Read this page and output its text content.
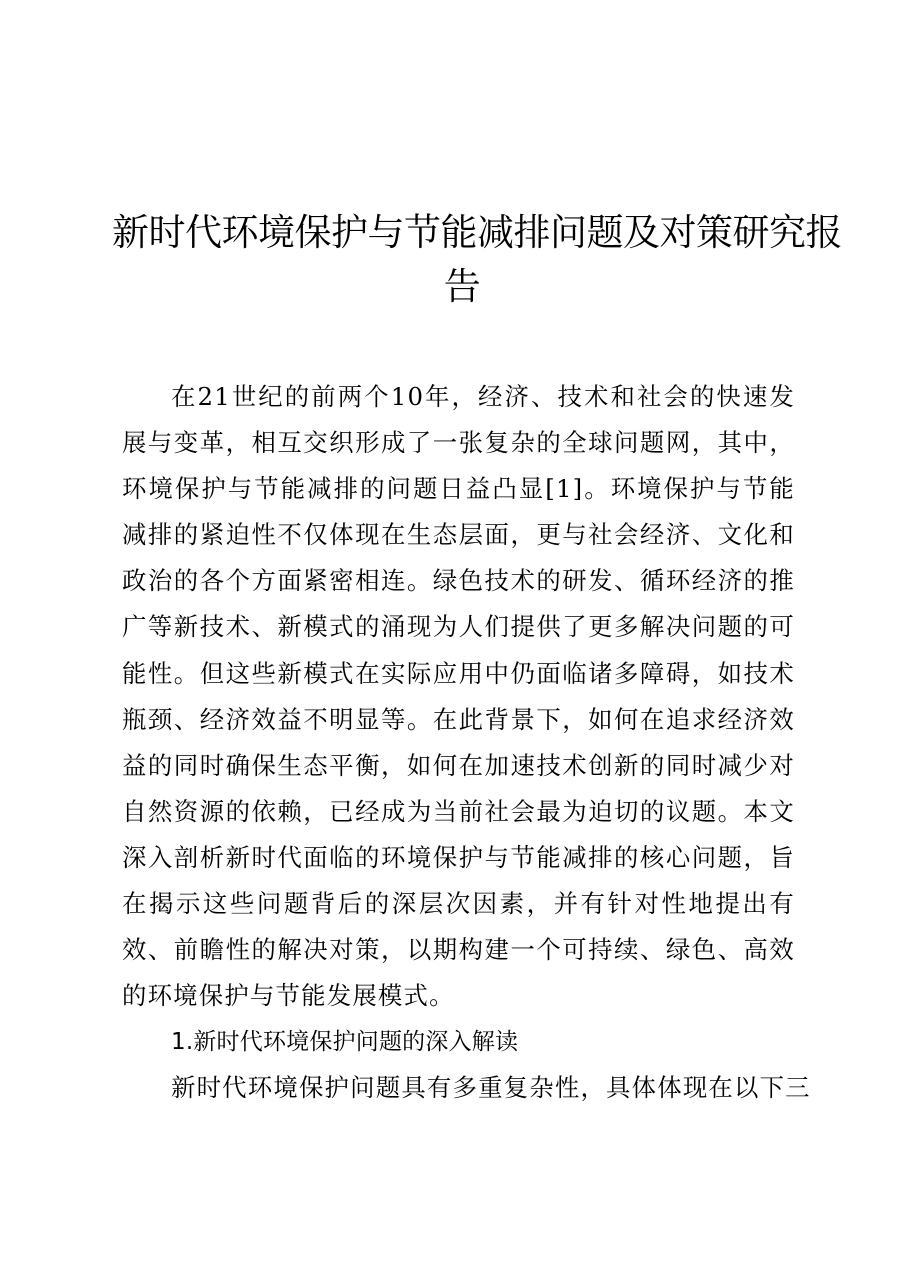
新时代环境保护与节能减排问题及对策研究报
告

在21世纪的前两个10年，经济、技术和社会的快速发展与变革，相互交织形成了一张复杂的全球问题网，其中，环境保护与节能减排的问题日益凸显[1]。环境保护与节能减排的紧迫性不仅体现在生态层面，更与社会经济、文化和政治的各个方面紧密相连。绿色技术的研发、循环经济的推广等新技术、新模式的涌现为人们提供了更多解决问题的可能性。但这些新模式在实际应用中仍面临诸多障碍，如技术瓶颈、经济效益不明显等。在此背景下，如何在追求经济效益的同时确保生态平衡，如何在加速技术创新的同时减少对自然资源的依赖，已经成为当前社会最为迫切的议题。本文深入剖析新时代面临的环境保护与节能减排的核心问题，旨在揭示这些问题背后的深层次因素，并有针对性地提出有效、前瞻性的解决对策，以期构建一个可持续、绿色、高效的环境保护与节能发展模式。

1.新时代环境保护问题的深入解读

新时代环境保护问题具有多重复杂性，具体体现在以下三
